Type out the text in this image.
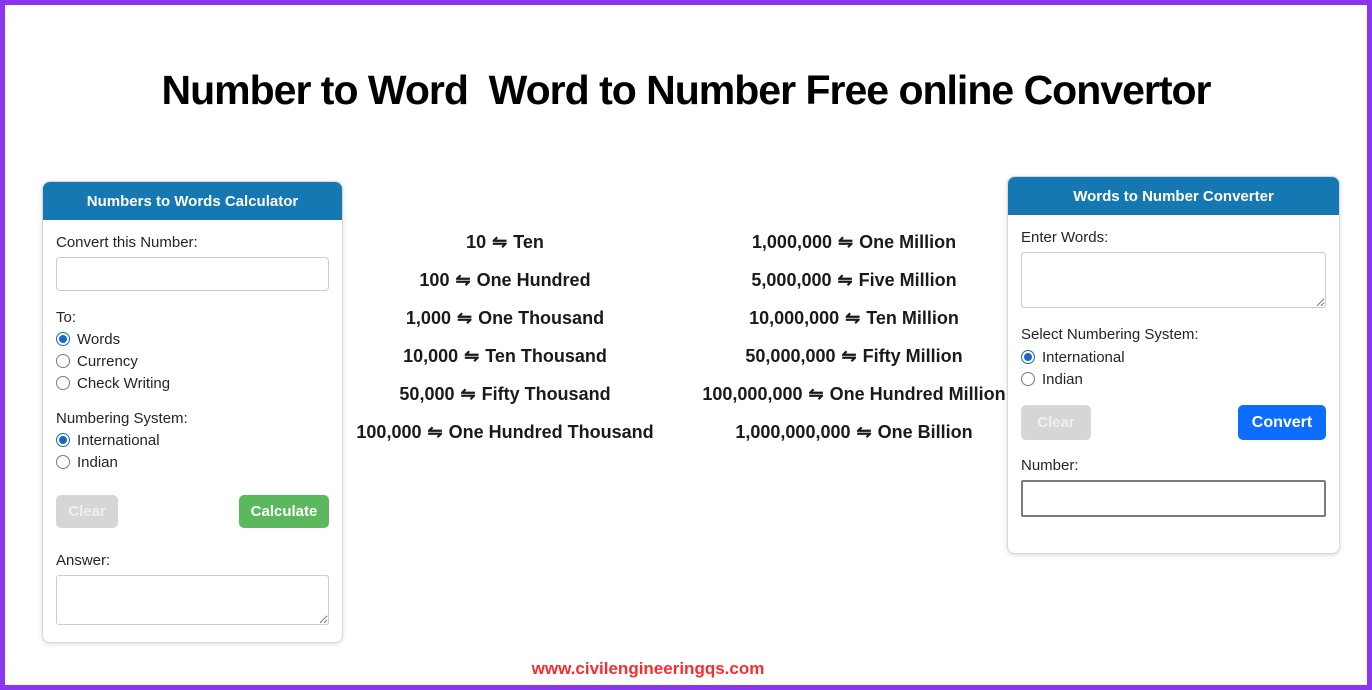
Number to Word  Word to Number Free online Convertor
Numbers to Words Calculator
Convert this Number:
To:
Words
Currency
Check Writing
Numbering System:
International
Indian
Clear	Calculate
Answer:
10 ⇋ Ten
100 ⇋ One Hundred
1,000 ⇋ One Thousand
10,000 ⇋ Ten Thousand
50,000 ⇋ Fifty Thousand
100,000 ⇋ One Hundred Thousand
1,000,000 ⇋ One Million
5,000,000 ⇋ Five Million
10,000,000 ⇋ Ten Million
50,000,000 ⇋ Fifty Million
100,000,000 ⇋ One Hundred Million
1,000,000,000 ⇋ One Billion
Words to Number Converter
Enter Words:
Select Numbering System:
International
Indian
Clear	Convert
Number:
www.civilengineeringqs.com
